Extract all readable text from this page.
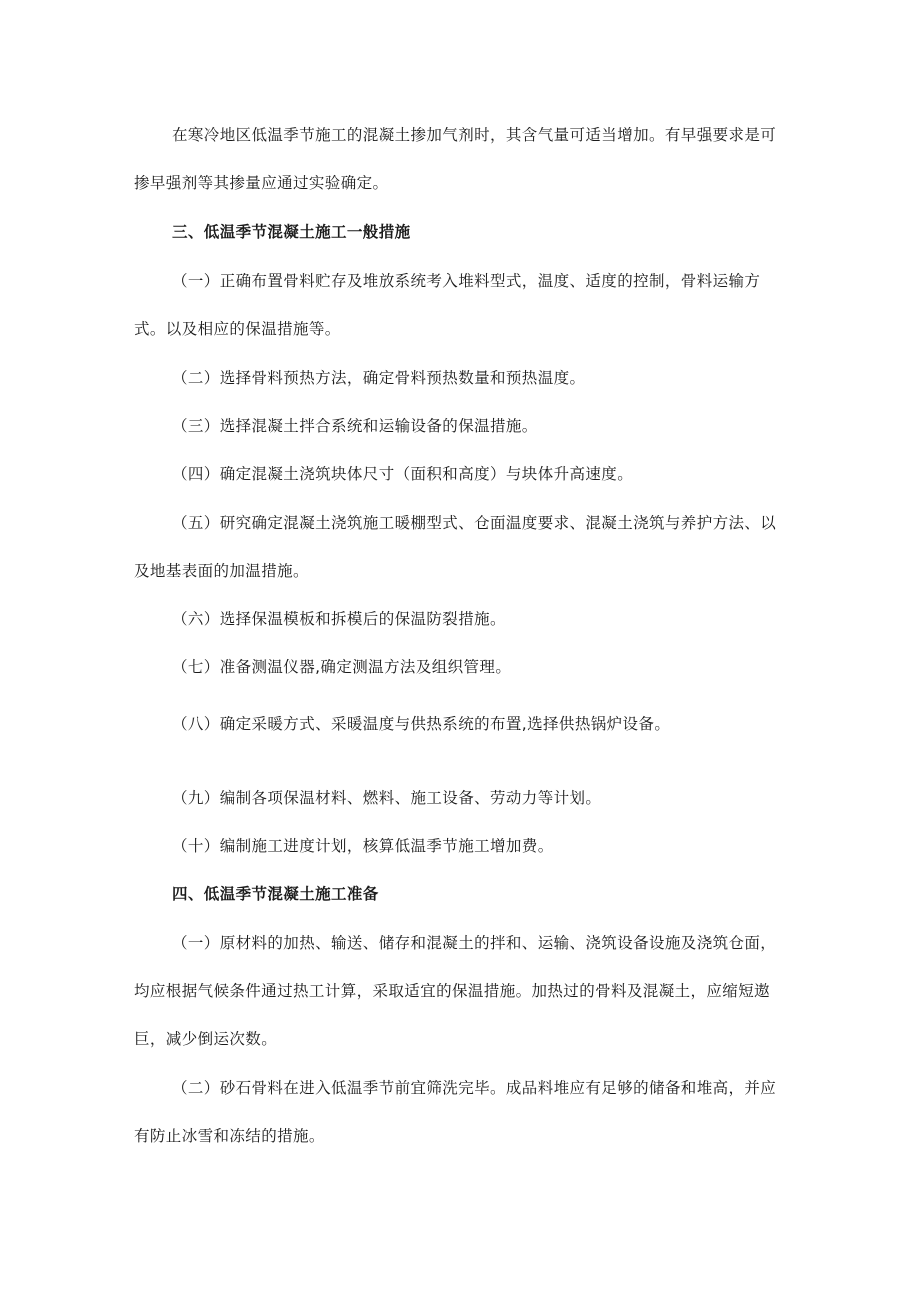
在寒冷地区低温季节施工的混凝土掺加气剂时，其含气量可适当增加。有早强要求是可掺早强剂等其掺量应通过实验确定。

三、低温季节混凝土施工一般措施

（一）正确布置骨料贮存及堆放系统考入堆料型式，温度、适度的控制，骨料运输方式。以及相应的保温措施等。

（二）选择骨料预热方法，确定骨料预热数量和预热温度。

（三）选择混凝土拌合系统和运输设备的保温措施。

（四）确定混凝土浇筑块体尺寸（面积和高度）与块体升高速度。

（五）研究确定混凝土浇筑施工暖棚型式、仓面温度要求、混凝土浇筑与养护方法、以及地基表面的加温措施。

（六）选择保温模板和拆模后的保温防裂措施。

（七）准备测温仪器,确定测温方法及组织管理。

（八）确定采暖方式、采暖温度与供热系统的布置,选择供热锅炉设备。

（九）编制各项保温材料、燃料、施工设备、劳动力等计划。

（十）编制施工进度计划，核算低温季节施工增加费。

四、低温季节混凝土施工准备

（一）原材料的加热、输送、储存和混凝土的拌和、运输、浇筑设备设施及浇筑仓面，均应根据气候条件通过热工计算，采取适宜的保温措施。加热过的骨料及混凝土，应缩短遨巨，减少倒运次数。

（二）砂石骨料在进入低温季节前宜筛洗完毕。成品料堆应有足够的储备和堆高，并应有防止冰雪和冻结的措施。
